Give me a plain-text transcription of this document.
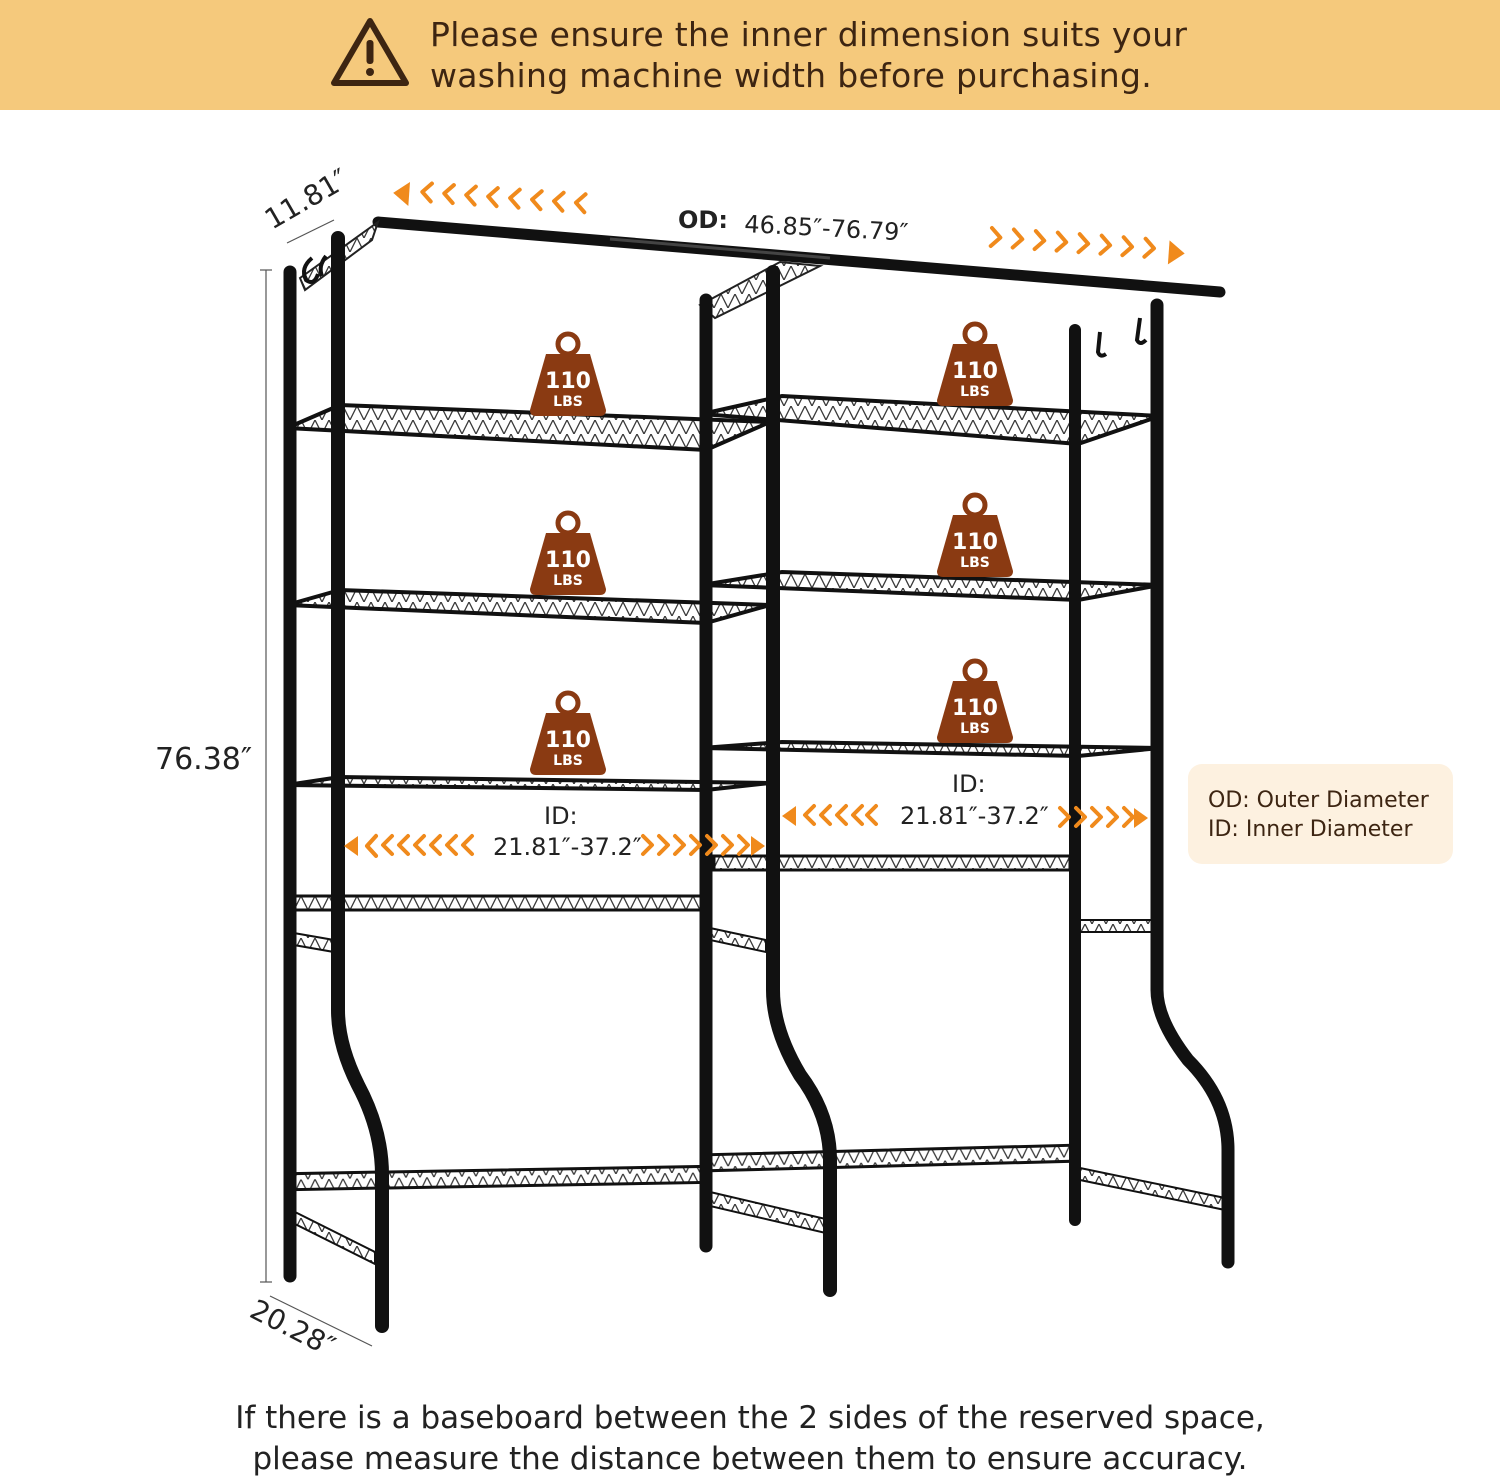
Please ensure the inner dimension suits your
washing machine width before purchasing.
110
LBS
110
LBS
110
LBS
110
LBS
110
LBS
110
LBS
11.81″
76.38″
20.28″
OD: 46.85″-76.79″
ID:
21.81″-37.2″
ID:
21.81″-37.2″
OD: Outer Diameter
ID: Inner Diameter
If there is a baseboard between the 2 sides of the reserved space,
please measure the distance between them to ensure accuracy.
